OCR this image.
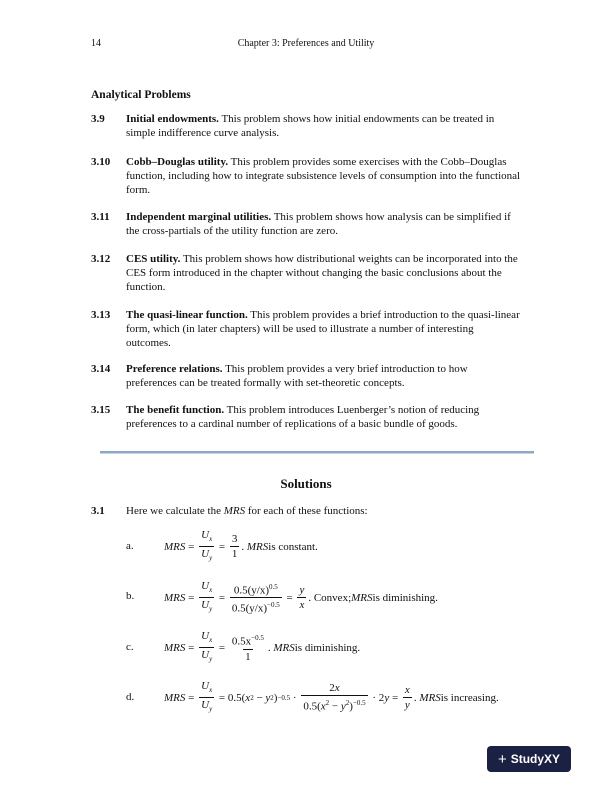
14	Chapter 3: Preferences and Utility
Analytical Problems
3.9 Initial endowments. This problem shows how initial endowments can be treated in simple indifference curve analysis.
3.10 Cobb–Douglas utility. This problem provides some exercises with the Cobb–Douglas function, including how to integrate subsistence levels of consumption into the functional form.
3.11 Independent marginal utilities. This problem shows how analysis can be simplified if the cross-partials of the utility function are zero.
3.12 CES utility. This problem shows how distributional weights can be incorporated into the CES form introduced in the chapter without changing the basic conclusions about the function.
3.13 The quasi-linear function. This problem provides a brief introduction to the quasi-linear form, which (in later chapters) will be used to illustrate a number of interesting outcomes.
3.14 Preference relations. This problem provides a very brief introduction to how preferences can be treated formally with set-theoretic concepts.
3.15 The benefit function. This problem introduces Luenberger’s notion of reducing preferences to a cardinal number of replications of a basic bundle of goods.
Solutions
3.1 Here we calculate the MRS for each of these functions:
a.	MRS =
$U_x$
$U_y$
= $\frac{3}{1}$ . MRS is constant.
b.	MRS =
$U_x$
$U_y$
=
$0.5(y/x)^{0.5}$
$0.5(y/x)^{-0.5}$
= $\frac{y}{x}$ . Convex; MRS is diminishing.
c.	MRS =
$U_x$
$U_y$
= $0.5x^{-0.5}$
1
. MRS is diminishing.
d.	MRS =
$U_x$
$U_y$
= 0.5( x 2 − y 2 ) −0.5 ·
2x
$0.5(x^2 - y^2)^{-0.5} \cdot 2$ y =
x
y
. MRS is increasing.
+ StudyXY
